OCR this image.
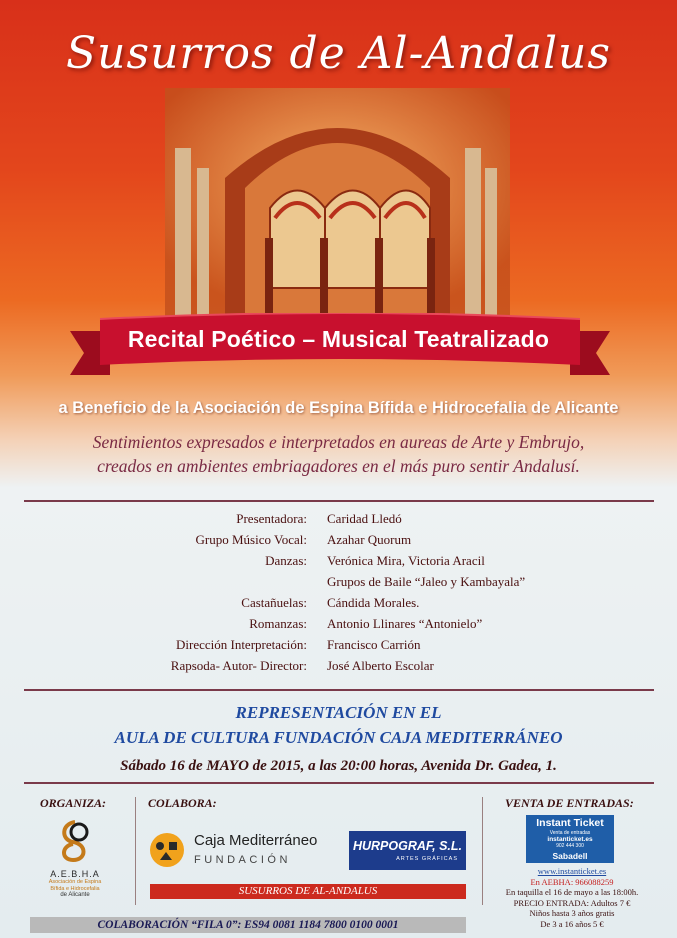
Susurros de Al-Andalus
Recital Poético – Musical Teatralizado
a Beneficio de la Asociación de Espina Bífida e Hidrocefalia de Alicante
Sentimientos expresados e interpretados en aureas de Arte y Embrujo,
creados en ambientes embriagadores en el más puro sentir Andalusí.
Presentadora: Caridad Lledó
Grupo Músico Vocal: Azahar Quorum
Danzas: Verónica Mira, Victoria Aracil
Grupos de Baile “Jaleo y Kambayala”
Castañuelas: Cándida Morales.
Romanzas: Antonio Llinares “Antonielo”
Dirección Interpretación: Francisco Carrión
Rapsoda- Autor- Director: José Alberto Escolar
REPRESENTACIÓN EN EL
AULA DE CULTURA FUNDACIÓN CAJA MEDITERRÁNEO
Sábado 16 de MAYO de 2015, a las 20:00 horas, Avenida Dr. Gadea, 1.
ORGANIZA:	COLABORA:	VENTA DE ENTRADAS:
A.E.B.H.A
Asociación de Espina
Bífida e Hidrocefalia
de Alicante
Caja Mediterráneo
FUNDACIÓN
HURPOGRAF, S.L.
ARTES GRÁFICAS
SUSURROS DE AL-ANDALUS
COLABORACIÓN “FILA 0”: ES94 0081 1184 7800 0100 0001
Instant Ticket
Venta de entradas
instanticket.es
902 444 300
Sabadell
www.instanticket.es
En AEBHA: 966088259
En taquilla el 16 de mayo a las 18:00h.
PRECIO ENTRADA: Adultos 7 €
Niños hasta 3 años gratis
De 3 a 16 años 5 €
